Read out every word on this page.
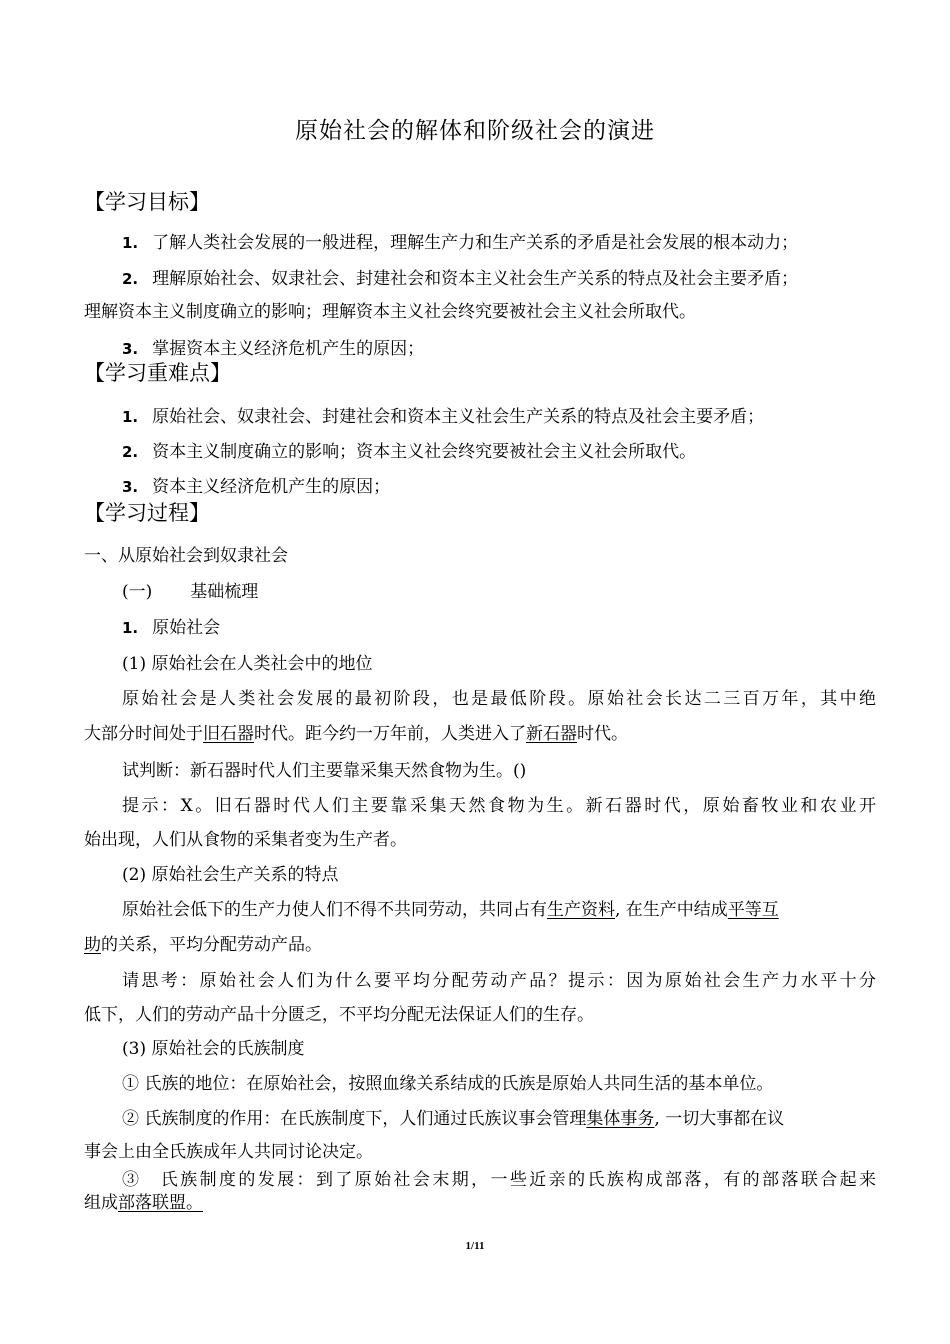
原始社会的解体和阶级社会的演进
【学习目标】
1. 了解人类社会发展的一般进程，理解生产力和生产关系的矛盾是社会发展的根本动力；
2. 理解原始社会、奴隶社会、封建社会和资本主义社会生产关系的特点及社会主要矛盾；
理解资本主义制度确立的影响；理解资本主义社会终究要被社会主义社会所取代。
3. 掌握资本主义经济危机产生的原因；
【学习重难点】
1. 原始社会、奴隶社会、封建社会和资本主义社会生产关系的特点及社会主要矛盾；
2. 资本主义制度确立的影响；资本主义社会终究要被社会主义社会所取代。
3. 资本主义经济危机产生的原因；
【学习过程】
一、从原始社会到奴隶社会
(一) 基础梳理
1. 原始社会
(1) 原始社会在人类社会中的地位
原始社会是人类社会发展的最初阶段，也是最低阶段。原始社会长达二三百万年，其中绝
大部分时间处于旧石器时代。距今约一万年前，人类进入了新石器时代。
试判断：新石器时代人们主要靠采集天然食物为生。()
提示：X。旧石器时代人们主要靠采集天然食物为生。新石器时代，原始畜牧业和农业开
始出现，人们从食物的采集者变为生产者。
(2) 原始社会生产关系的特点
原始社会低下的生产力使人们不得不共同劳动，共同占有生产资料, 在生产中结成平等互
助的关系，平均分配劳动产品。
请思考：原始社会人们为什么要平均分配劳动产品？提示：因为原始社会生产力水平十分
低下，人们的劳动产品十分匮乏，不平均分配无法保证人们的生存。
(3) 原始社会的氏族制度
① 氏族的地位：在原始社会，按照血缘关系结成的氏族是原始人共同生活的基本单位。
② 氏族制度的作用：在氏族制度下，人们通过氏族议事会管理集体事务, 一切大事都在议
事会上由全氏族成年人共同讨论决定。
③　氏族制度的发展：到了原始社会末期，一些近亲的氏族构成部落，有的部落联合起来
组成部落联盟。
1/11
